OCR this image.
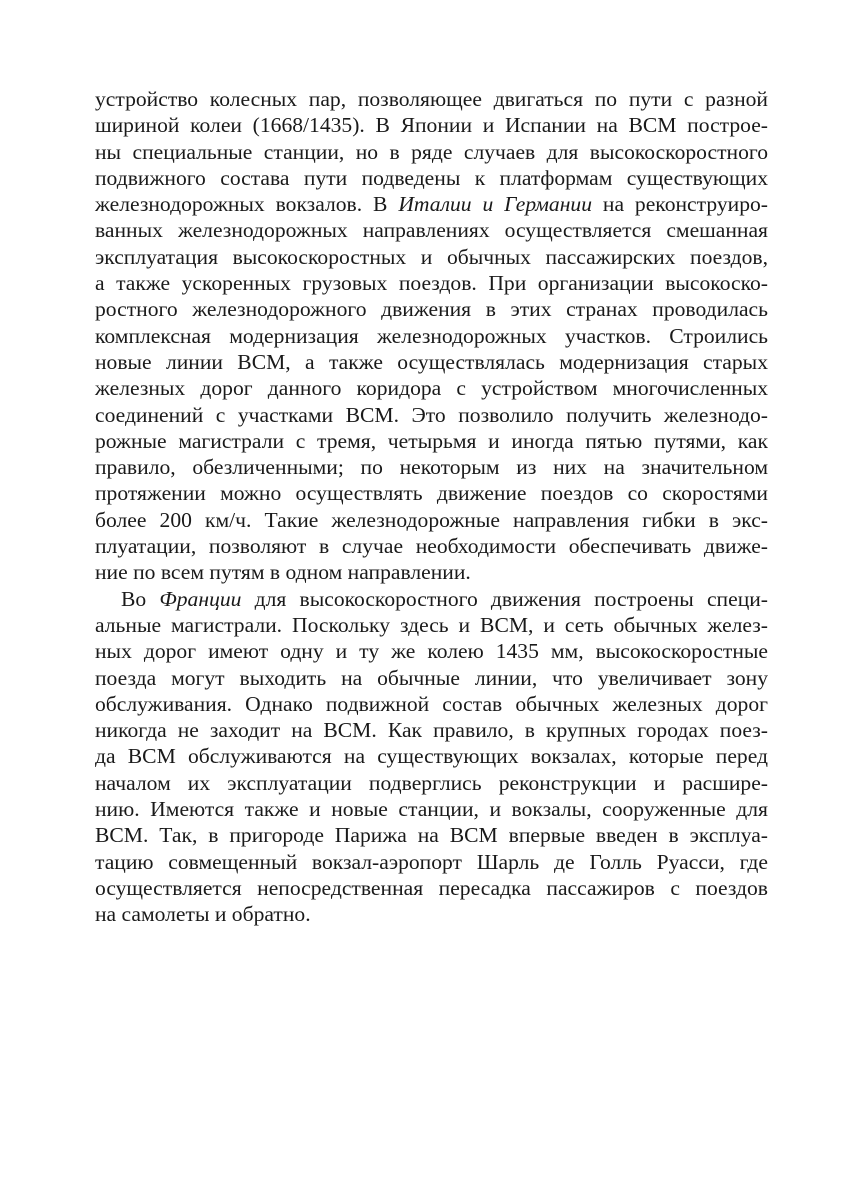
устройство колесных пар, позволяющее двигаться по пути с разной
шириной колеи (1668/1435). В Японии и Испании на ВСМ построе-
ны специальные станции, но в ряде случаев для высокоскоростного
подвижного состава пути подведены к платформам существующих
железнодорожных вокзалов. В Италии и Германии на реконструиро-
ванных железнодорожных направлениях осуществляется смешанная
эксплуатация высокоскоростных и обычных пассажирских поездов,
а также ускоренных грузовых поездов. При организации высокоско-
ростного железнодорожного движения в этих странах проводилась
комплексная модернизация железнодорожных участков. Строились
новые линии ВСМ, а также осуществлялась модернизация старых
железных дорог данного коридора с устройством многочисленных
соединений с участками ВСМ. Это позволило получить железнодо-
рожные магистрали с тремя, четырьмя и иногда пятью путями, как
правило, обезличенными; по некоторым из них на значительном
протяжении можно осуществлять движение поездов со скоростями
более 200 км/ч. Такие железнодорожные направления гибки в экс-
плуатации, позволяют в случае необходимости обеспечивать движе-
ние по всем путям в одном направлении.
Во Франции для высокоскоростного движения построены специ-
альные магистрали. Поскольку здесь и ВСМ, и сеть обычных желез-
ных дорог имеют одну и ту же колею 1435 мм, высокоскоростные
поезда могут выходить на обычные линии, что увеличивает зону
обслуживания. Однако подвижной состав обычных железных дорог
никогда не заходит на ВСМ. Как правило, в крупных городах поез-
да ВСМ обслуживаются на существующих вокзалах, которые перед
началом их эксплуатации подверглись реконструкции и расшире-
нию. Имеются также и новые станции, и вокзалы, сооруженные для
ВСМ. Так, в пригороде Парижа на ВСМ впервые введен в эксплуа-
тацию совмещенный вокзал-аэропорт Шарль де Голль Руасси, где
осуществляется непосредственная пересадка пассажиров с поездов
на самолеты и обратно.
